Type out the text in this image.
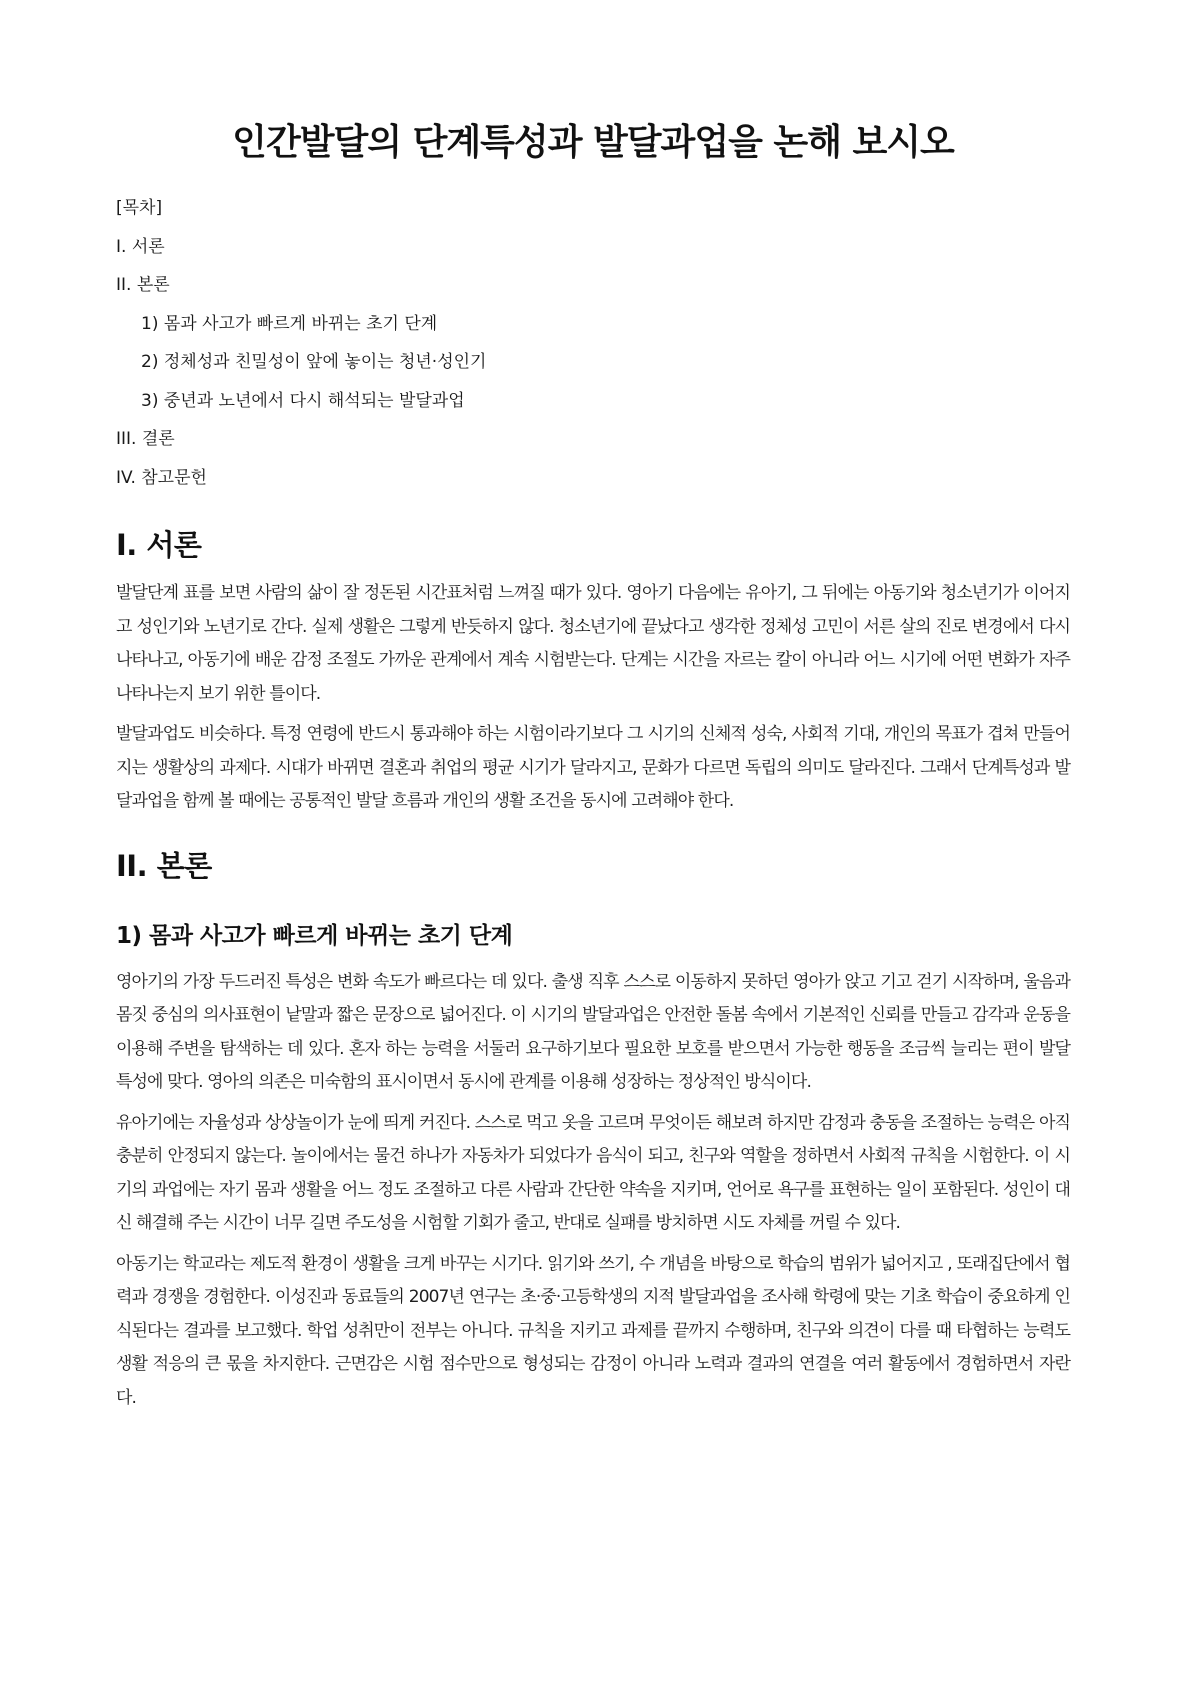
인간발달의 단계특성과 발달과업을 논해 보시오
[목차]
I. 서론
II. 본론
1) 몸과 사고가 빠르게 바뀌는 초기 단계
2) 정체성과 친밀성이 앞에 놓이는 청년·성인기
3) 중년과 노년에서 다시 해석되는 발달과업
III. 결론
IV. 참고문헌
I. 서론

발달단계 표를 보면 사람의 삶이 잘 정돈된 시간표처럼 느껴질 때가 있다. 영아기 다음에는 유아기, 그 뒤에는 아동기와 청소년기가 이어지고 성인기와 노년기로 간다. 실제 생활은 그렇게 반듯하지 않다. 청소년기에 끝났다고 생각한 정체성 고민이 서른 살의 진로 변경에서 다시 나타나고, 아동기에 배운 감정 조절도 가까운 관계에서 계속 시험받는다. 단계는 시간을 자르는 칼이 아니라 어느 시기에 어떤 변화가 자주 나타나는지 보기 위한 틀이다.

발달과업도 비슷하다. 특정 연령에 반드시 통과해야 하는 시험이라기보다 그 시기의 신체적 성숙, 사회적 기대, 개인의 목표가 겹쳐 만들어지는 생활상의 과제다. 시대가 바뀌면 결혼과 취업의 평균 시기가 달라지고, 문화가 다르면 독립의 의미도 달라진다. 그래서 단계특성과 발달과업을 함께 볼 때에는 공통적인 발달 흐름과 개인의 생활 조건을 동시에 고려해야 한다.

II. 본론
1) 몸과 사고가 빠르게 바뀌는 초기 단계

영아기의 가장 두드러진 특성은 변화 속도가 빠르다는 데 있다. 출생 직후 스스로 이동하지 못하던 영아가 앉고 기고 걷기 시작하며, 울음과 몸짓 중심의 의사표현이 낱말과 짧은 문장으로 넓어진다. 이 시기의 발달과업은 안전한 돌봄 속에서 기본적인 신뢰를 만들고 감각과 운동을 이용해 주변을 탐색하는 데 있다. 혼자 하는 능력을 서둘러 요구하기보다 필요한 보호를 받으면서 가능한 행동을 조금씩 늘리는 편이 발달 특성에 맞다. 영아의 의존은 미숙함의 표시이면서 동시에 관계를 이용해 성장하는 정상적인 방식이다.

유아기에는 자율성과 상상놀이가 눈에 띄게 커진다. 스스로 먹고 옷을 고르며 무엇이든 해보려 하지만 감정과 충동을 조절하는 능력은 아직 충분히 안정되지 않는다. 놀이에서는 물건 하나가 자동차가 되었다가 음식이 되고, 친구와 역할을 정하면서 사회적 규칙을 시험한다. 이 시기의 과업에는 자기 몸과 생활을 어느 정도 조절하고 다른 사람과 간단한 약속을 지키며, 언어로 욕구를 표현하는 일이 포함된다. 성인이 대신 해결해 주는 시간이 너무 길면 주도성을 시험할 기회가 줄고, 반대로 실패를 방치하면 시도 자체를 꺼릴 수 있다.

아동기는 학교라는 제도적 환경이 생활을 크게 바꾸는 시기다. 읽기와 쓰기, 수 개념을 바탕으로 학습의 범위가 넓어지고 , 또래집단에서 협력과 경쟁을 경험한다. 이성진과 동료들의 2007년 연구는 초·중·고등학생의 지적 발달과업을 조사해 학령에 맞는 기초 학습이 중요하게 인식된다는 결과를 보고했다. 학업 성취만이 전부는 아니다. 규칙을 지키고 과제를 끝까지 수행하며, 친구와 의견이 다를 때 타협하는 능력도 생활 적응의 큰 몫을 차지한다. 근면감은 시험 점수만으로 형성되는 감정이 아니라 노력과 결과의 연결을 여러 활동에서 경험하면서 자란다.
